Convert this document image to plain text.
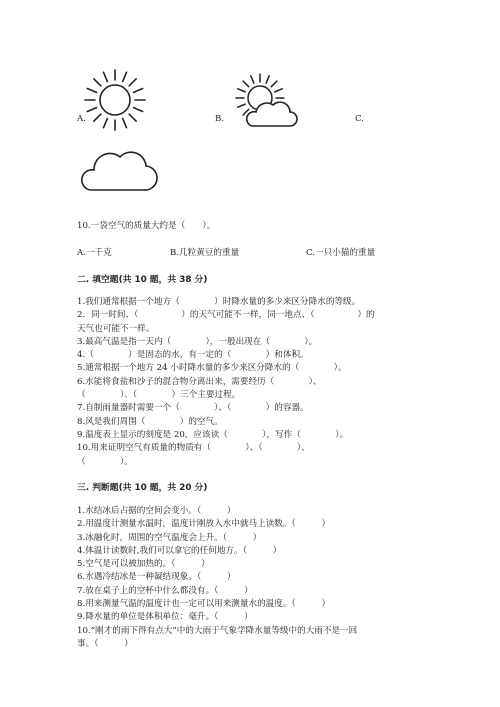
A.	B.	C.
10.一袋空气的质量大约是（　　）。
A.一千克	B.几粒黄豆的重量	C.一只小猫的重量
二. 填空题(共 10 题，共 38 分)
1.我们通常根据一个地方（　　　　）时降水量的多少来区分降水的等级。
2．同一时间、（　　　　　）的天气可能不一样，同一地点、（　　　　　）的
天气也可能不一样。
3.最高气温是指一天内（　　　　），一般出现在（　　　　）。
4.（　　　　）是固态的水，有一定的（　　　　）和体积。
5.通常根据一个地方 24 小时降水量的多少来区分降水的（　　　　）。
6.水能将食盐和沙子的混合物分离出来，需要经历（　　　　）、
（　　　　）、（　　　　）三个主要过程。
7.自制雨量器时需要一个（　　　　）、（　　　　）的容器。
8.风是我们周围（　　　　）的空气。
9.温度表上显示的刻度是 20，应该读（　　　　），写作（　　　　）。
10.用来证明空气有质量的物质有（　　　　）、（　　　　）、
（　　　　）。
三. 判断题(共 10 题，共 20 分)
1.水结冰后占据的空间会变小。（　　　）
2.用温度计测量水温时，温度计刚放入水中就马上读数。（　　　）
3.冰融化时，周围的空气温度会上升。（　　　）
4.体温计读数时,我们可以拿它的任何地方。（　　　）
5.空气是可以被加热的。（　　　）
6.水遇冷结冰是一种凝结现象。（　　　）
7.放在桌子上的空杯中什么都没有。（　　　）
8.用来测量气温的温度计也一定可以用来测量水的温度。（　　　）
9.降水量的单位是体积单位：毫升。（　　　）
10.“刚才的雨下得有点大”中的大雨于气象学降水量等级中的大雨不是一回
事。（　　　）
